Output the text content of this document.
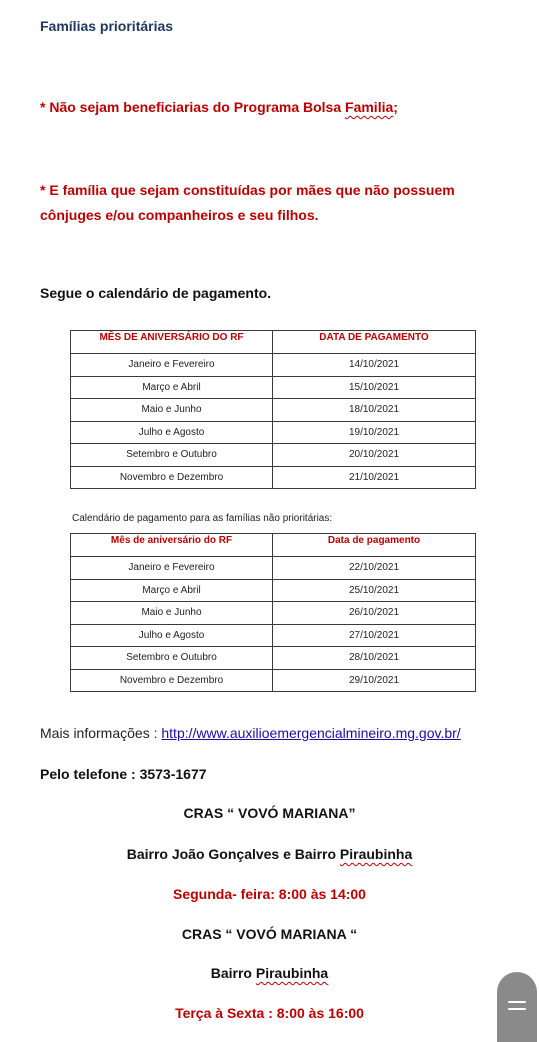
Famílias prioritárias
* Não sejam beneficiarias do Programa Bolsa Familia;
* E família que sejam constituídas por mães que não possuem
cônjuges e/ou companheiros e seu filhos.
Segue o calendário de pagamento.
MÊS DE ANIVERSÁRIO DO RF	DATA DE PAGAMENTO
Janeiro e Fevereiro	14/10/2021
Março e Abril	15/10/2021
Maio e Junho	18/10/2021
Julho e Agosto	19/10/2021
Setembro e Outubro	20/10/2021
Novembro e Dezembro	21/10/2021
Calendário de pagamento para as famílias não prioritárias:
Mês de aniversário do RF	Data de pagamento
Janeiro e Fevereiro	22/10/2021
Março e Abril	25/10/2021
Maio e Junho	26/10/2021
Julho e Agosto	27/10/2021
Setembro e Outubro	28/10/2021
Novembro e Dezembro	29/10/2021
Mais informações : http://www.auxilioemergencialmineiro.mg.gov.br/
Pelo telefone : 3573-1677
CRAS “ VOVÓ MARIANA”
Bairro João Gonçalves e Bairro Piraubinha
Segunda- feira: 8:00 às 14:00
CRAS “ VOVÓ MARIANA “
Bairro Piraubinha
Terça à Sexta : 8:00 às 16:00
